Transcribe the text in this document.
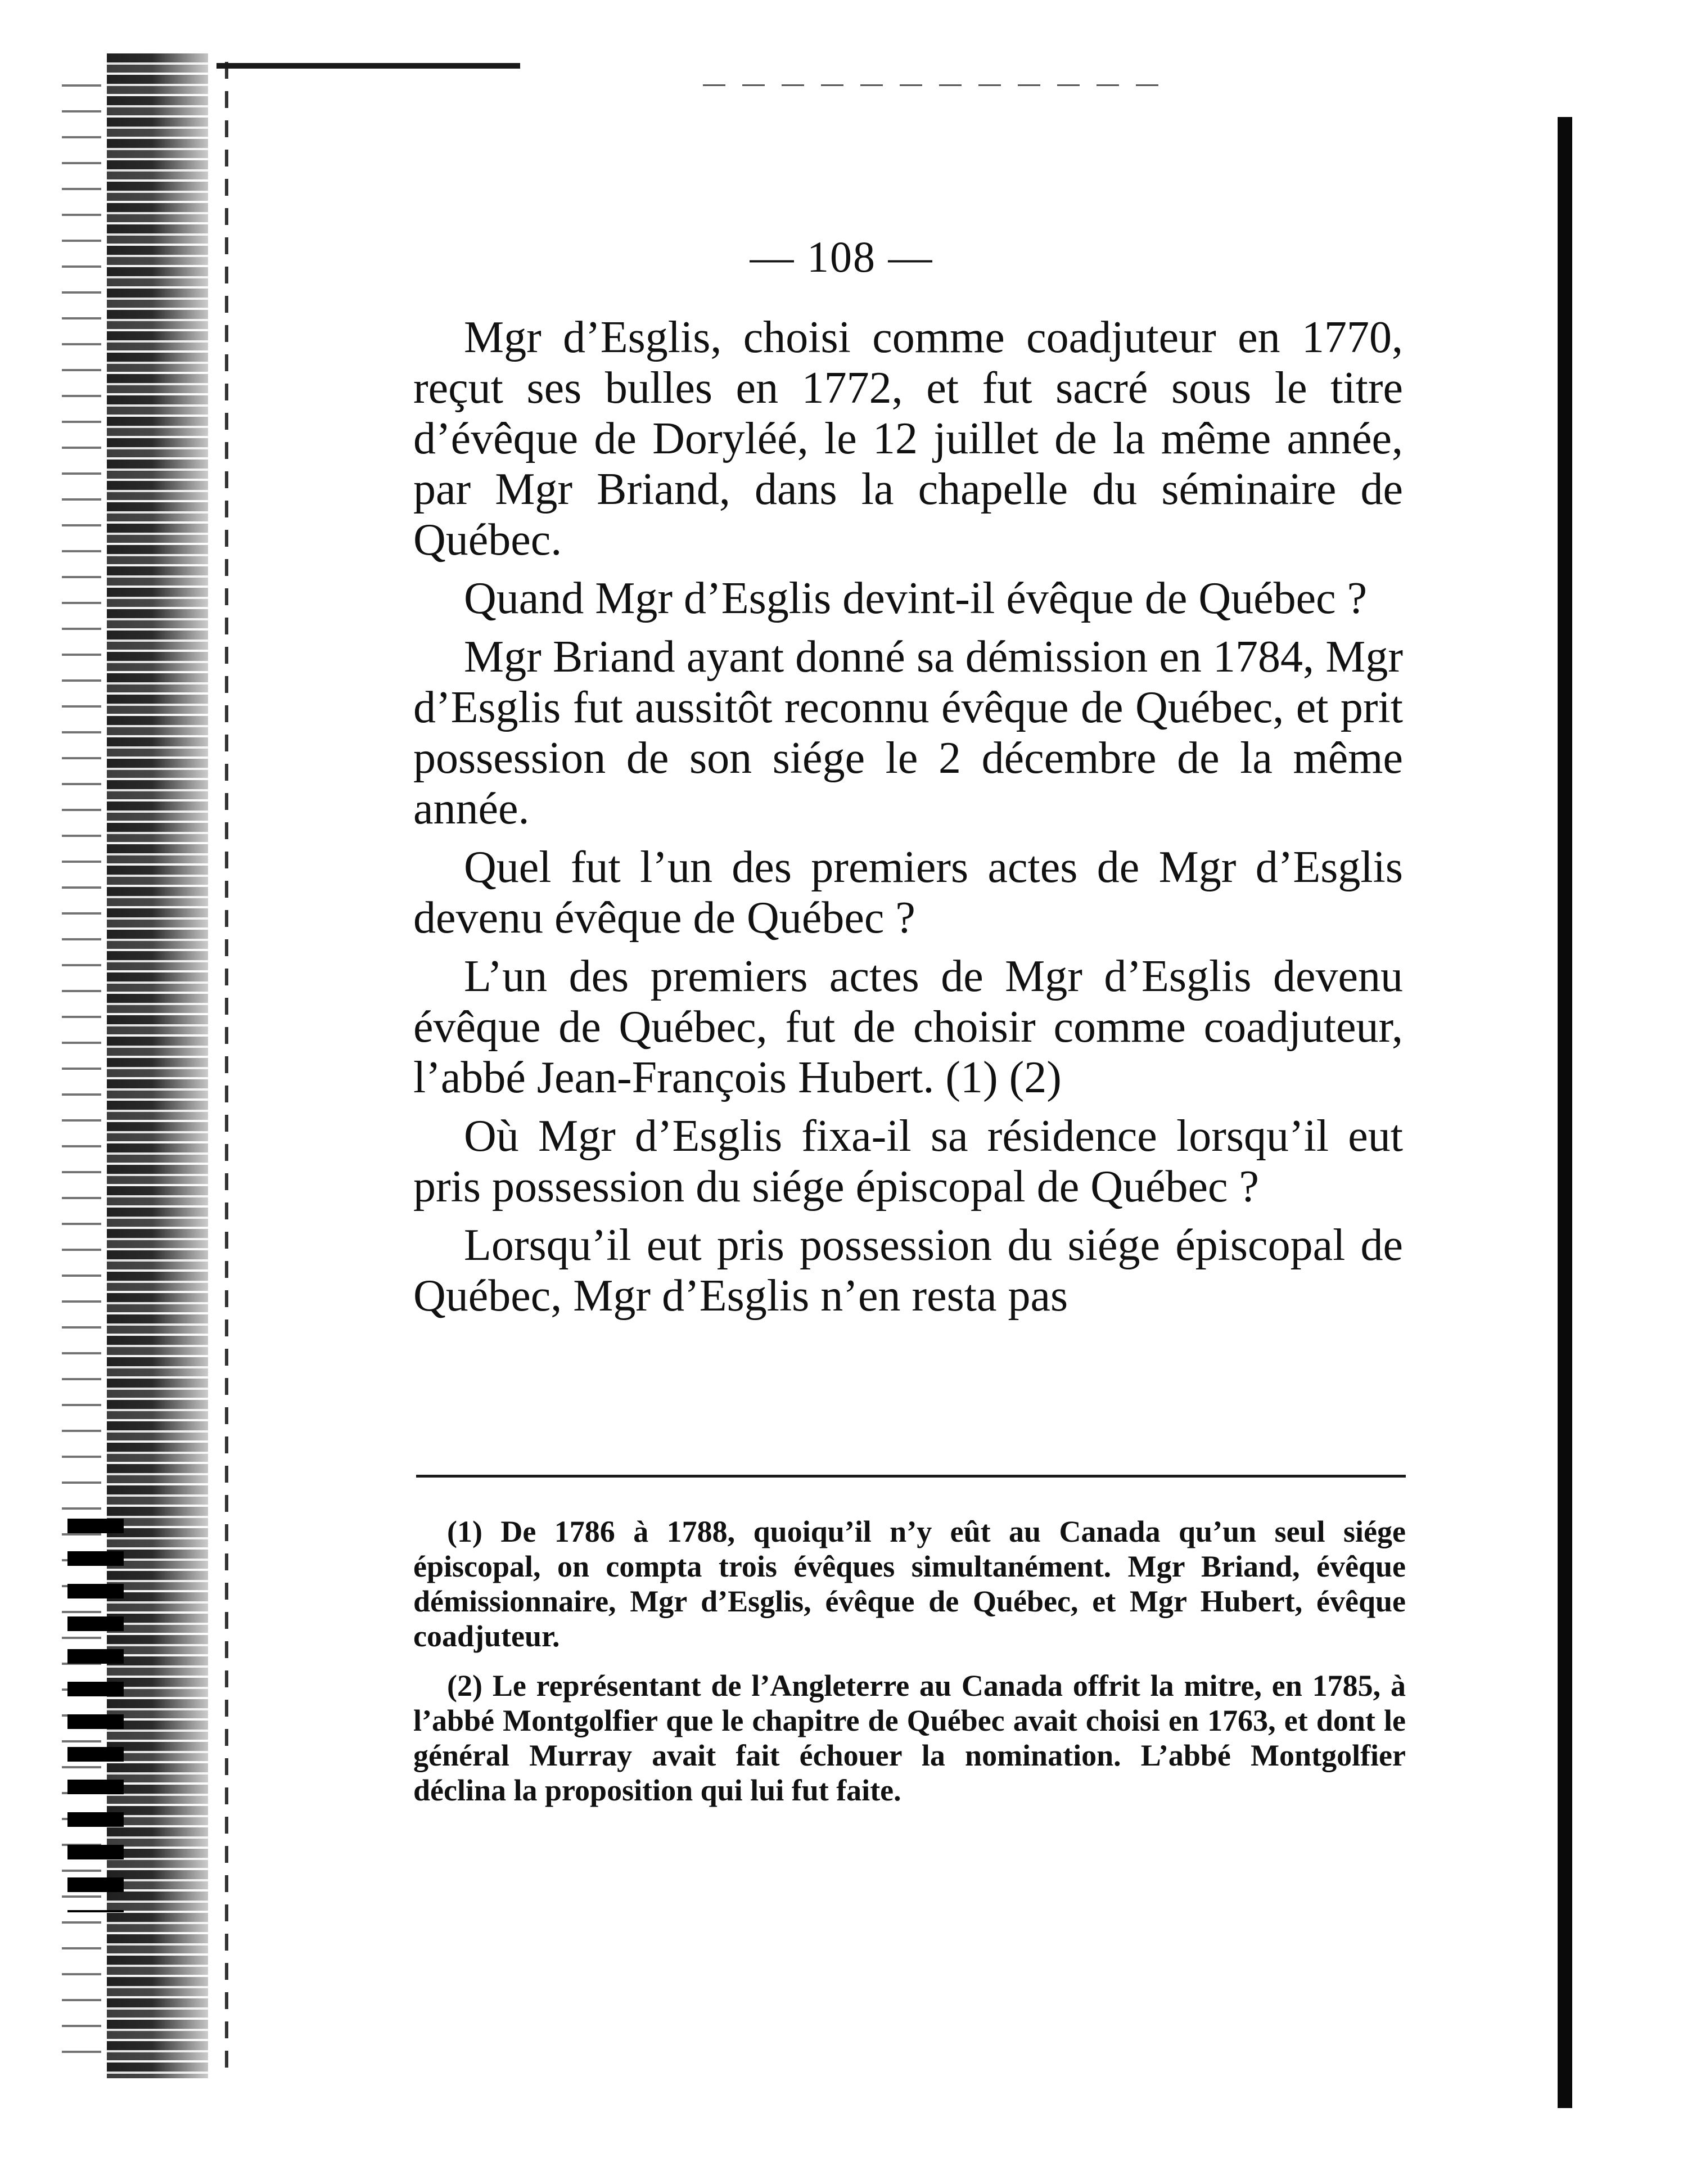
— 108 —

Mgr d’Esglis, choisi comme coadjuteur en 1770, reçut ses bulles en 1772, et fut sacré sous le titre d’évêque de Doryléé, le 12 juillet de la même année, par Mgr Briand, dans la chapelle du séminaire de Québec.

Quand Mgr d’Esglis devint-il évêque de Québec ?

Mgr Briand ayant donné sa démission en 1784, Mgr d’Esglis fut aussitôt reconnu évêque de Québec, et prit possession de son siége le 2 décembre de la même année.

Quel fut l’un des premiers actes de Mgr d’Esglis devenu évêque de Québec ?

L’un des premiers actes de Mgr d’Esglis devenu évêque de Québec, fut de choisir comme coadjuteur, l’abbé Jean-François Hubert. (1) (2)

Où Mgr d’Esglis fixa-il sa résidence lorsqu’il eut pris possession du siége épiscopal de Québec ?

Lorsqu’il eut pris possession du siége épiscopal de Québec, Mgr d’Esglis n’en resta pas

(1) De 1786 à 1788, quoiqu’il n’y eût au Canada qu’un seul siége épiscopal, on compta trois évêques simultanément. Mgr Briand, évêque démissionnaire, Mgr d’Esglis, évêque de Québec, et Mgr Hubert, évêque coadjuteur.

(2) Le représentant de l’Angleterre au Canada offrit la mitre, en 1785, à l’abbé Montgolfier que le chapitre de Québec avait choisi en 1763, et dont le général Murray avait fait échouer la nomination. L’abbé Montgolfier déclina la proposition qui lui fut faite.
